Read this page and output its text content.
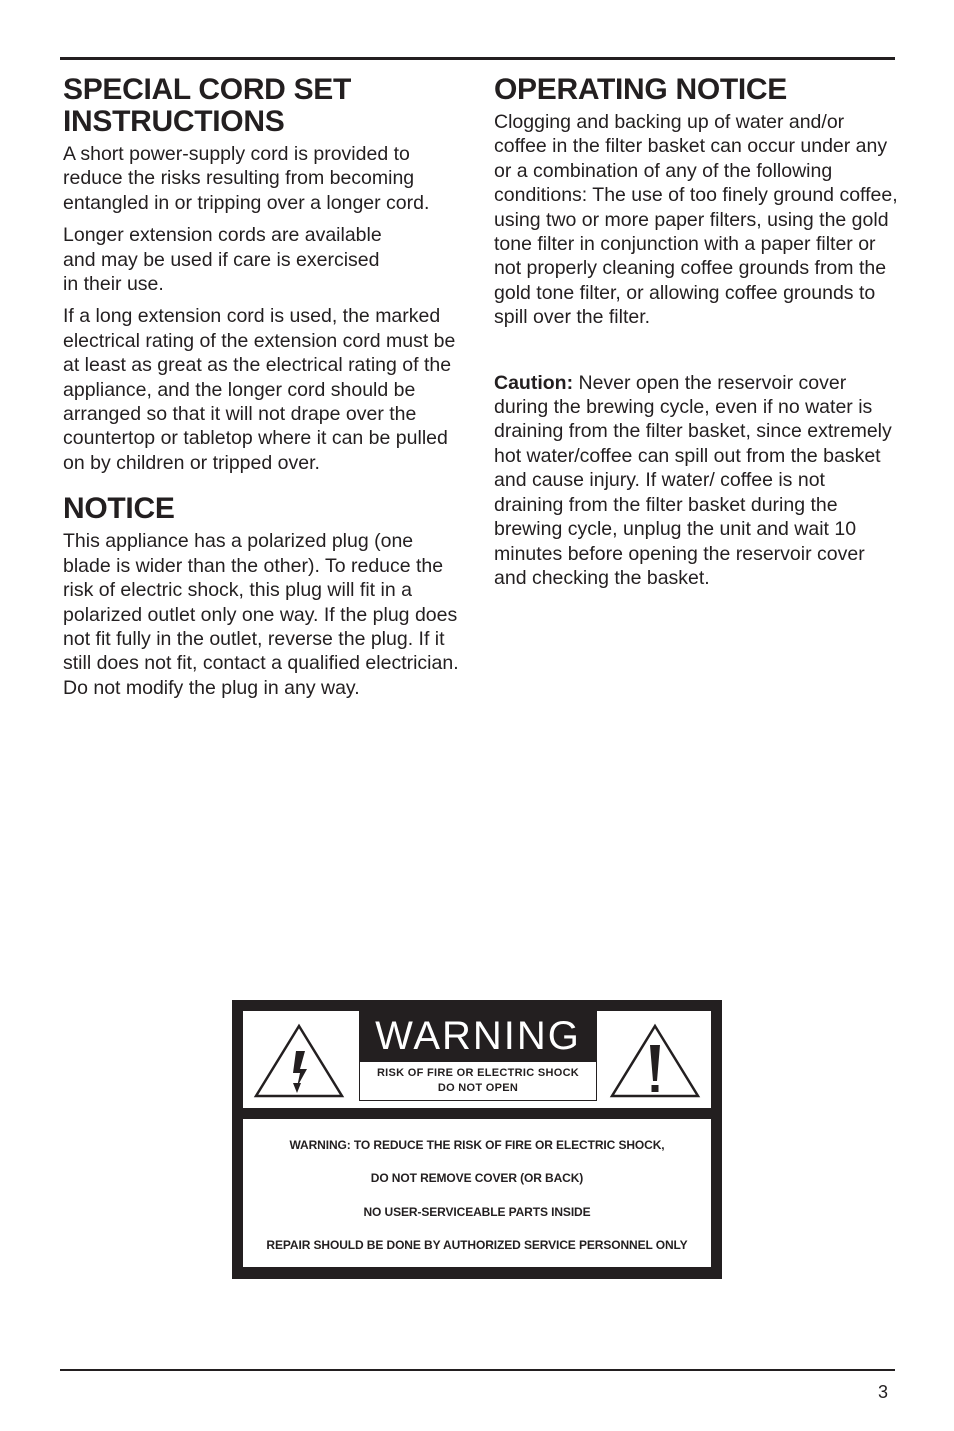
SPECIAL CORD SET
INSTRUCTIONS

A short power-supply cord is provided to reduce the risks resulting from becoming entangled in or tripping over a longer cord.

Longer extension cords are available
and may be used if care is exercised
in their use.

If a long extension cord is used, the marked electrical rating of the extension cord must be at least as great as the electrical rating of the appliance, and the longer cord should be arranged so that it will not drape over the countertop or tabletop where it can be pulled on by children or tripped over.

NOTICE

This appliance has a polarized plug (one blade is wider than the other). To reduce the risk of electric shock, this plug will fit in a polarized outlet only one way. If the plug does not fit fully in the outlet, reverse the plug. If it still does not fit, contact a qualified electrician. Do not modify the plug in any way.

OPERATING NOTICE

Clogging and backing up of water and/or coffee in the filter basket can occur under any or a combination of any of the following conditions: The use of too finely ground coffee, using two or more paper filters, using the gold tone filter in conjunction with a paper filter or not properly cleaning coffee grounds from the gold tone filter, or allowing coffee grounds to spill over the filter.

Caution: Never open the reservoir cover during the brewing cycle, even if no water is draining from the filter basket, since extremely hot water/coffee can spill out from the basket and cause injury. If water/ coffee is not draining from the filter basket during the brewing cycle, unplug the unit and wait 10 minutes before opening the reservoir cover and checking the basket.

WARNING
RISK OF FIRE OR ELECTRIC SHOCK
DO NOT OPEN
WARNING: TO REDUCE THE RISK OF FIRE OR ELECTRIC SHOCK,
DO NOT REMOVE COVER (OR BACK)
NO USER-SERVICEABLE PARTS INSIDE
REPAIR SHOULD BE DONE BY AUTHORIZED SERVICE PERSONNEL ONLY
3
